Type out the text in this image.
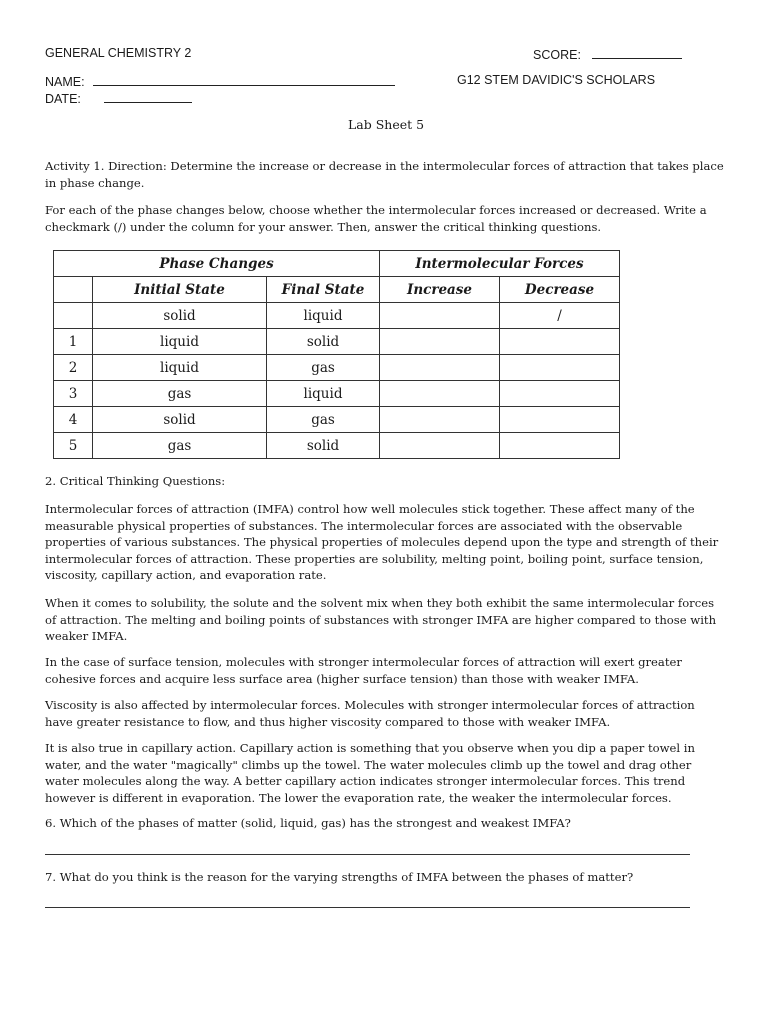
GENERAL CHEMISTRY 2	SCORE:
NAME:	G12 STEM DAVIDIC'S SCHOLARS
DATE:
Lab Sheet 5

Activity 1. Direction: Determine the increase or decrease in the intermolecular forces of attraction that takes place in phase change.

For each of the phase changes below, choose whether the intermolecular forces increased or decreased. Write a checkmark (/) under the column for your answer. Then, answer the critical thinking questions.

Phase Changes			Intermolecular Forces	
	Initial State	Final State	Increase	Decrease
	solid	liquid		/
1	liquid	solid		
2	liquid	gas		
3	gas	liquid		
4	solid	gas		
5	gas	solid		
2. Critical Thinking Questions:

Intermolecular forces of attraction (IMFA) control how well molecules stick together. These affect many of the measurable physical properties of substances. The intermolecular forces are associated with the observable properties of various substances. The physical properties of molecules depend upon the type and strength of their intermolecular forces of attraction. These properties are solubility, melting point, boiling point, surface tension, viscosity, capillary action, and evaporation rate.

When it comes to solubility, the solute and the solvent mix when they both exhibit the same intermolecular forces of attraction. The melting and boiling points of substances with stronger IMFA are higher compared to those with weaker IMFA.

In the case of surface tension, molecules with stronger intermolecular forces of attraction will exert greater cohesive forces and acquire less surface area (higher surface tension) than those with weaker IMFA.

Viscosity is also affected by intermolecular forces. Molecules with stronger intermolecular forces of attraction have greater resistance to flow, and thus higher viscosity compared to those with weaker IMFA.

It is also true in capillary action. Capillary action is something that you observe when you dip a paper towel in water, and the water "magically" climbs up the towel. The water molecules climb up the towel and drag other water molecules along the way. A better capillary action indicates stronger intermolecular forces. This trend however is different in evaporation. The lower the evaporation rate, the weaker the intermolecular forces.

6. Which of the phases of matter (solid, liquid, gas) has the strongest and weakest IMFA?
7. What do you think is the reason for the varying strengths of IMFA between the phases of matter?
